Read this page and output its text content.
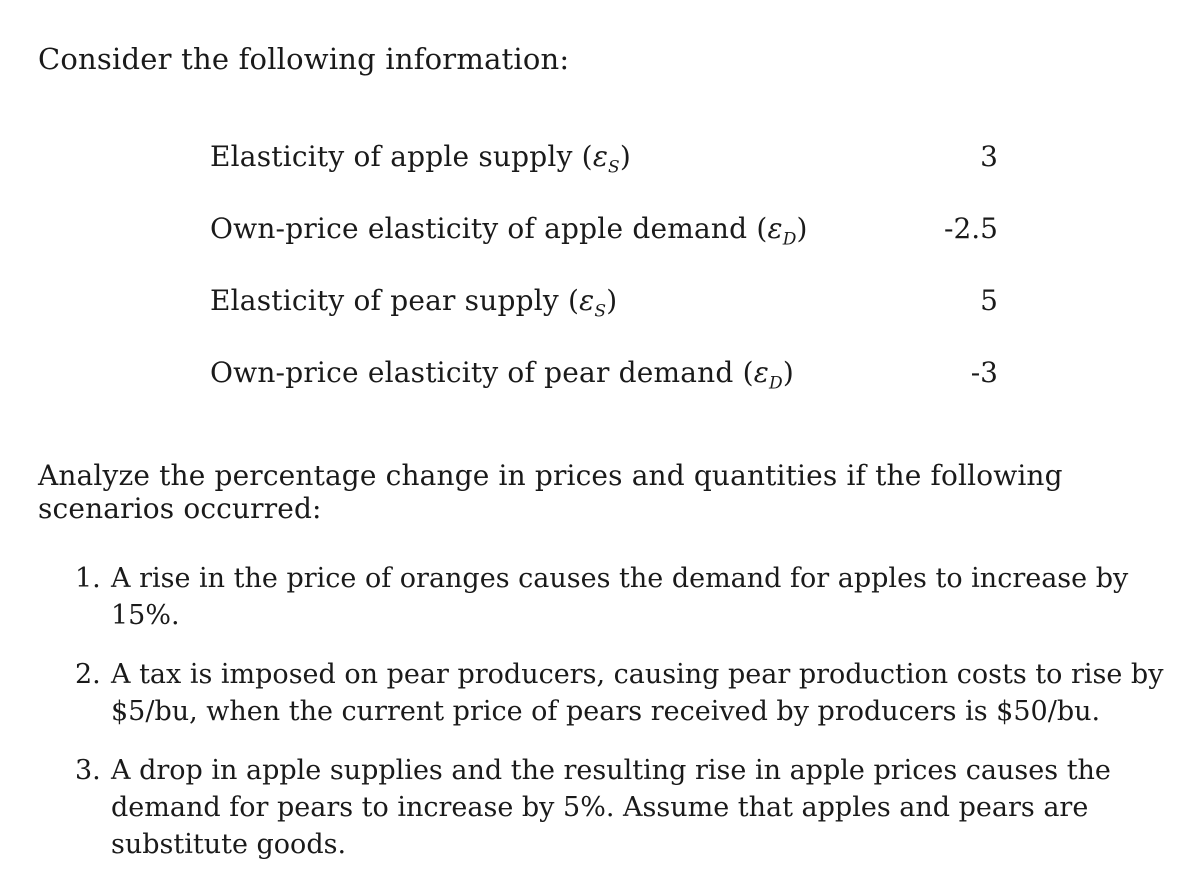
Consider the following information:
Elasticity of apple supply $(\varepsilon_S)$	3
Own-price elasticity of apple demand $(\varepsilon_D)$	-2.5
Elasticity of pear supply $(\varepsilon_S)$	5
Own-price elasticity of pear demand $(\varepsilon_D)$	-3
Analyze the percentage change in prices and quantities if the following scenarios occurred:
1. A rise in the price of oranges causes the demand for apples to increase by 15%.
2. A tax is imposed on pear producers, causing pear production costs to rise by $5/bu, when the current price of pears received by producers is $50/bu.
3. A drop in apple supplies and the resulting rise in apple prices causes the demand for pears to increase by 5%. Assume that apples and pears are substitute goods.
